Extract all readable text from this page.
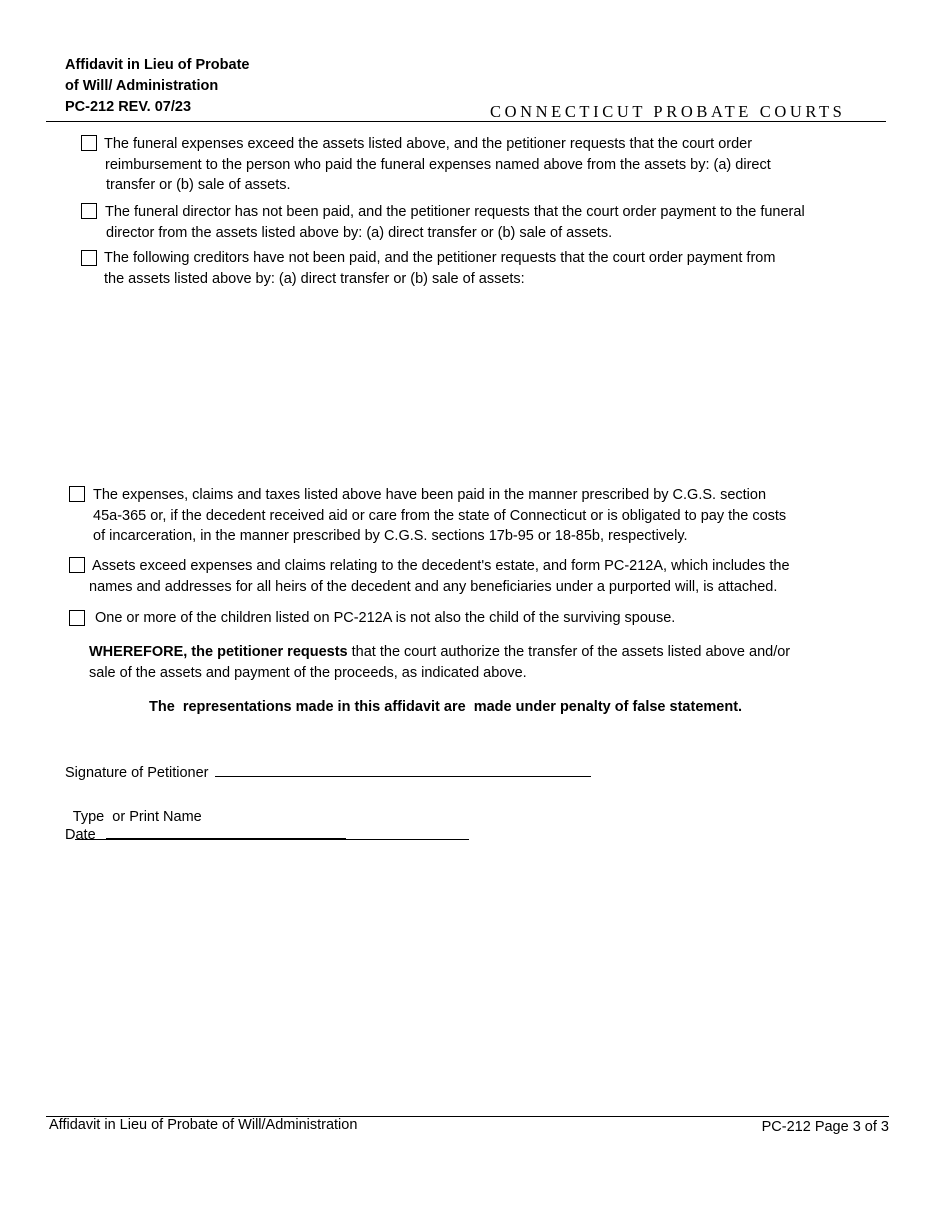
Affidavit in Lieu of Probate
of Will/ Administration
PC-212 REV. 07/23	CONNECTICUT PROBATE COURTS
The funeral expenses exceed the assets listed above, and the petitioner requests that the court order
reimbursement to the person who paid the funeral expenses named above from the assets by: (a) direct
transfer or (b) sale of assets.
The funeral director has not been paid, and the petitioner requests that the court order payment to the funeral
director from the assets listed above by: (a) direct transfer or (b) sale of assets.
The following creditors have not been paid, and the petitioner requests that the court order payment from
the assets listed above by: (a) direct transfer or (b) sale of assets:
The expenses, claims and taxes listed above have been paid in the manner prescribed by C.G.S. section
45a-365 or, if the decedent received aid or care from the state of Connecticut or is obligated to pay the costs
of incarceration, in the manner prescribed by C.G.S. sections 17b-95 or 18-85b, respectively.
Assets exceed expenses and claims relating to the decedent's estate, and form PC-212A, which includes the
names and addresses for all heirs of the decedent and any beneficiaries under a purported will, is attached.
One or more of the children listed on PC-212A is not also the child of the surviving spouse.
WHEREFORE, the petitioner requests that the court authorize the transfer of the assets listed above and/or
sale of the assets and payment of the proceeds, as indicated above.
The  representations made in this affidavit are  made under penalty of false statement.
Signature of Petitioner

Type  or Print Name

Date
Affidavit in Lieu of Probate of Will/Administration	PC-212 Page 3 of 3
